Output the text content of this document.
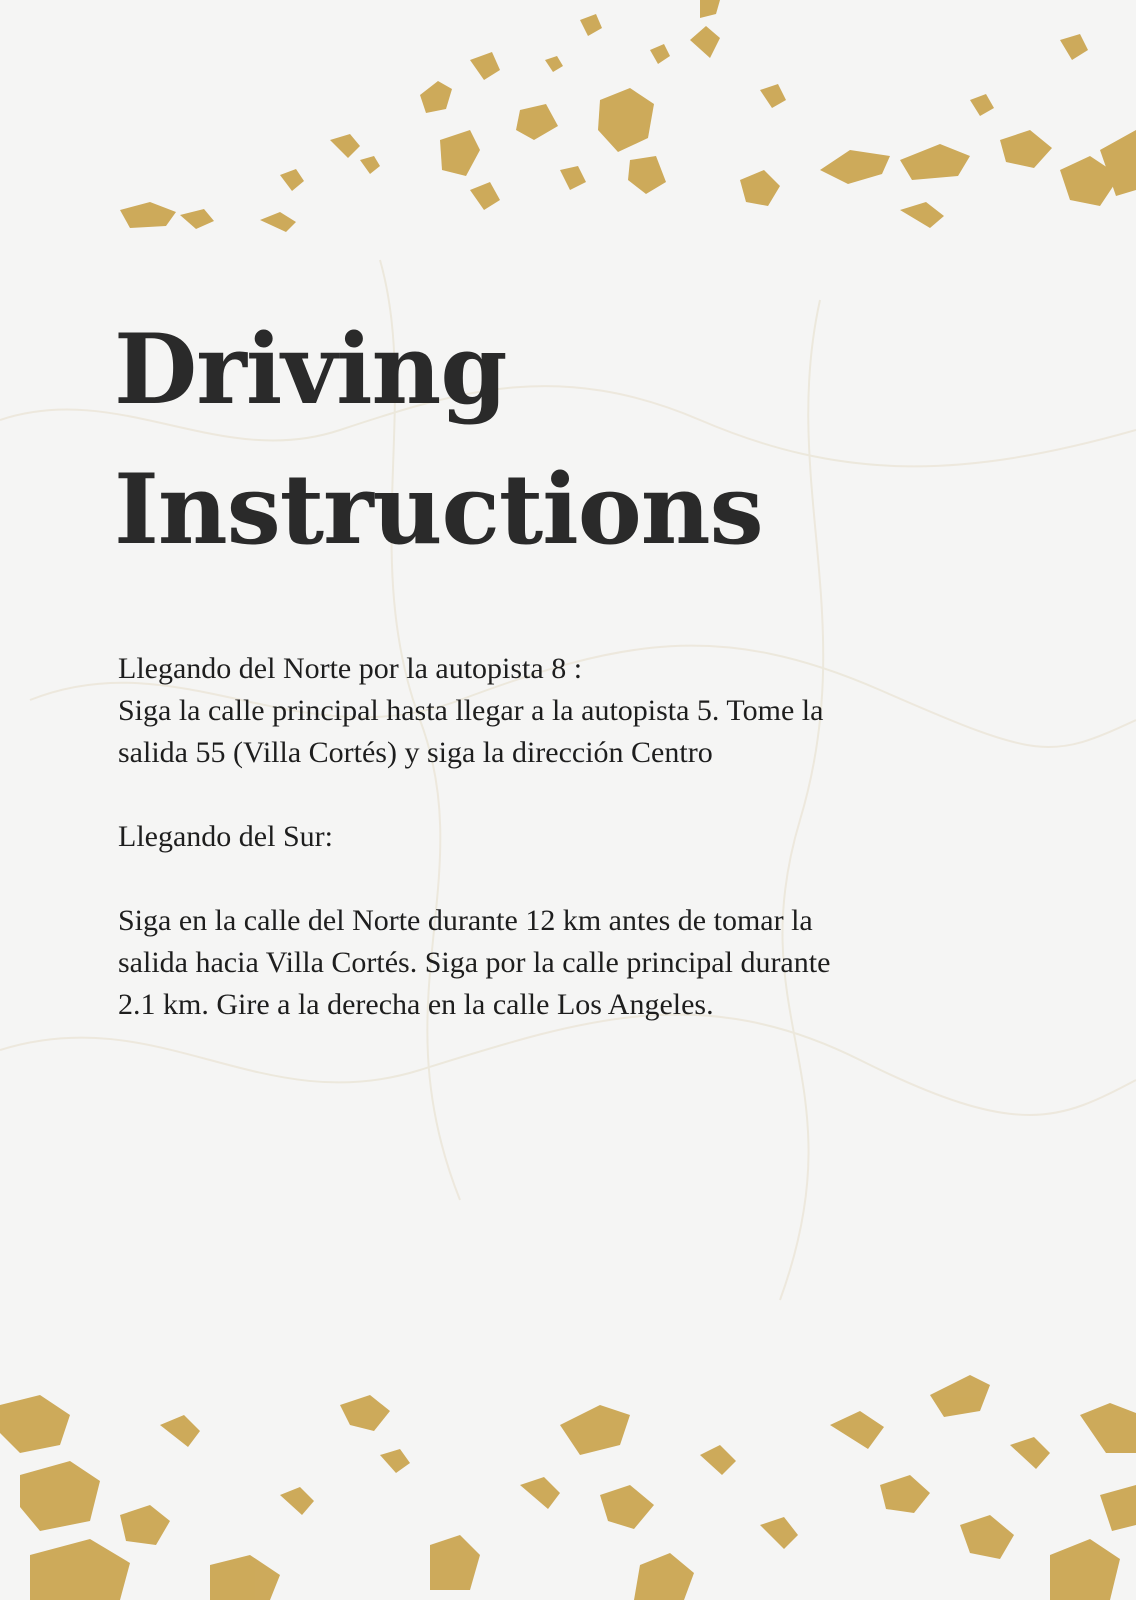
Driving
Instructions

Llegando del Norte por la autopista 8 :

Siga la calle principal hasta llegar a la autopista 5. Tome la

salida 55 (Villa Cortés) y siga la dirección Centro

Llegando del Sur:

Siga en la calle del Norte durante 12 km antes de tomar la

salida hacia Villa Cortés. Siga por la calle principal durante

2.1 km. Gire a la derecha en la calle Los Angeles.
